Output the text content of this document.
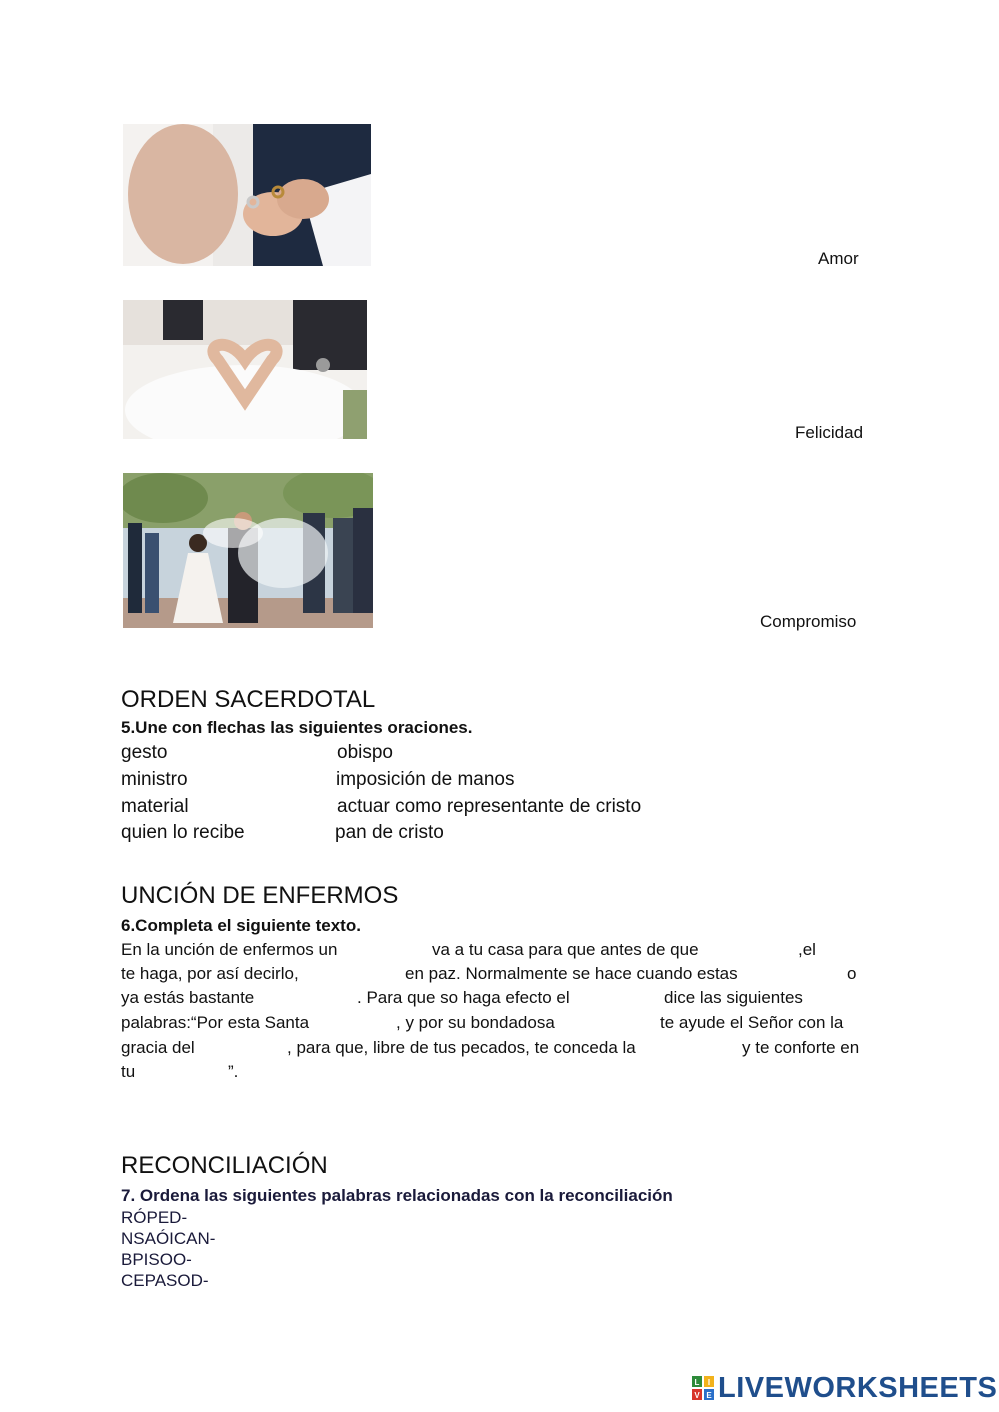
Amor
Felicidad
Compromiso
ORDEN SACERDOTAL
5.Une con flechas las siguientes oraciones.
gesto	obispo
ministro	imposición de manos
material	actuar como representante de cristo
quien lo recibe	pan de cristo
UNCIÓN DE ENFERMOS
6.Completa el siguiente texto.
En la unción de enfermos un	va a tu casa para que antes de que	,el
te haga, por así decirlo,	en paz. Normalmente se hace cuando estas	o
ya estás bastante	. Para que so haga efecto el	dice las siguientes
palabras:“Por esta Santa	, y por su bondadosa	te ayude el Señor con la
gracia del	, para que, libre de tus pecados, te conceda la	y te conforte en
tu	”.
RECONCILIACIÓN
7. Ordena las siguientes palabras relacionadas con la reconciliación
RÓPED-
NSAÓICAN-
BPISOO-
CEPASOD-
L I
V E LIVEWORKSHEETS
